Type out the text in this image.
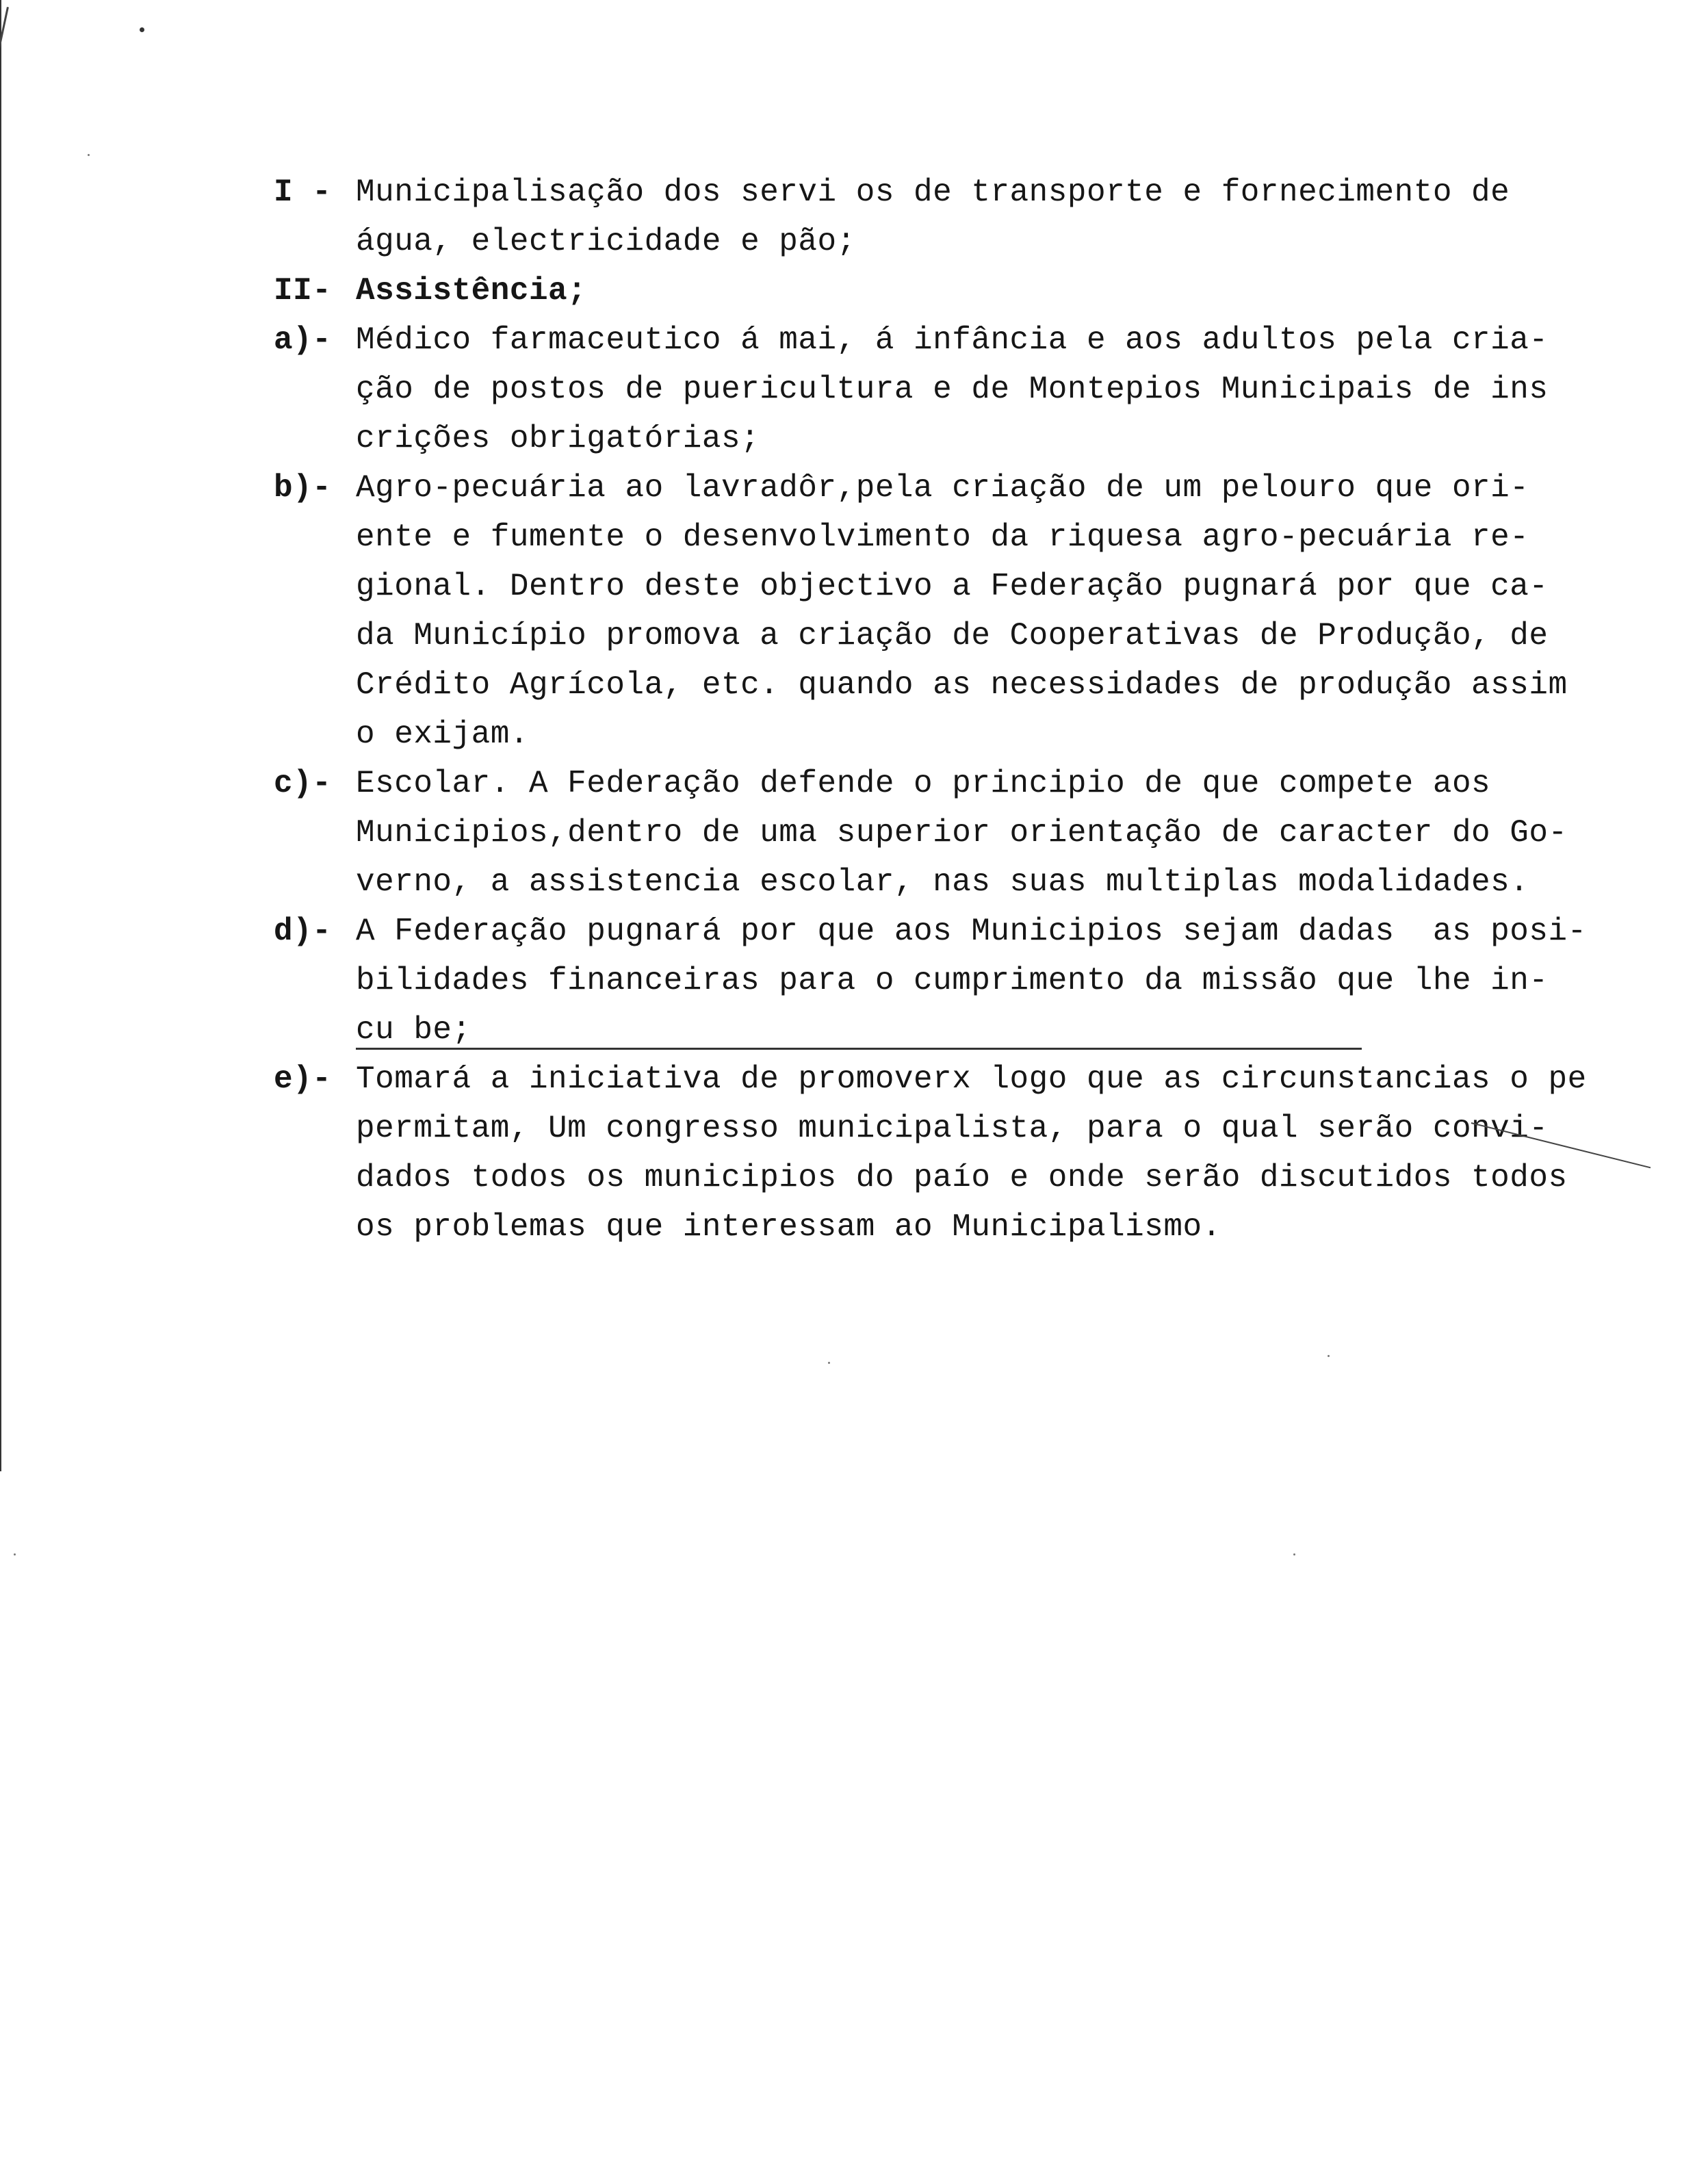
I - Municipalisação dos servi os de transporte e fornecimento de
água, electricidade e pão;
II- Assistência;
a)- Médico farmaceutico á mai, á infância e aos adultos pela cria-
ção de postos de puericultura e de Montepios Municipais de ins
crições obrigatórias;
b)- Agro-pecuária ao lavradôr,pela criação de um pelouro que ori-
ente e fumente o desenvolvimento da riquesa agro-pecuária re-
gional. Dentro deste objectivo a Federação pugnará por que ca-
da Município promova a criação de Cooperativas de Produção, de
Crédito Agrícola, etc. quando as necessidades de produção assim
o exijam.
c)- Escolar. A Federação defende o principio de que compete aos
Municipios,dentro de uma superior orientação de caracter do Go-
verno, a assistencia escolar, nas suas multiplas modalidades.
d)- A Federação pugnará por que aos Municipios sejam dadas  as posi-
bilidades financeiras para o cumprimento da missão que lhe in-
cu be;
e)- Tomará a iniciativa de promoverx logo que as circunstancias o pe
permitam, Um congresso municipalista, para o qual serão convi-
dados todos os municipios do paío e onde serão discutidos todos
os problemas que interessam ao Municipalismo.
